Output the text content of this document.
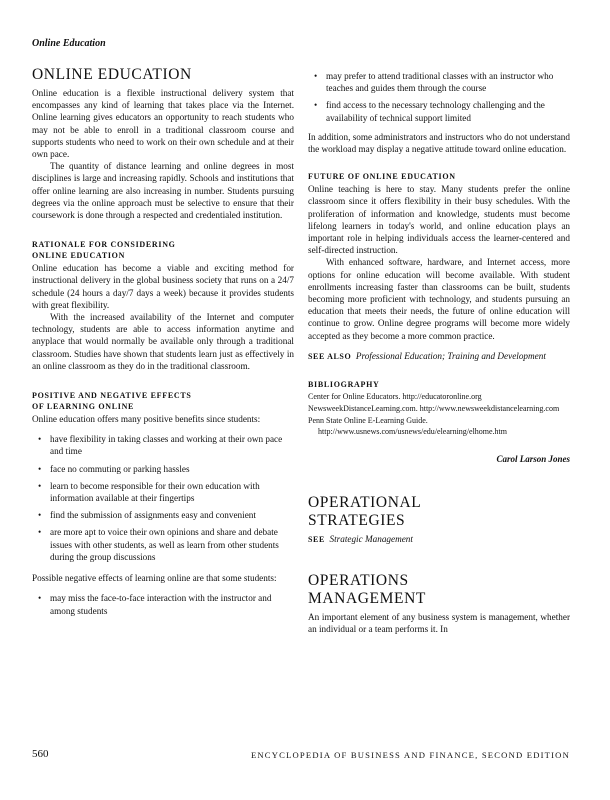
Online Education
ONLINE EDUCATION

Online education is a flexible instructional delivery system that encompasses any kind of learning that takes place via the Internet. Online learning gives educators an opportunity to reach students who may not be able to enroll in a traditional classroom course and supports students who need to work on their own schedule and at their own pace.

The quantity of distance learning and online degrees in most disciplines is large and increasing rapidly. Schools and institutions that offer online learning are also increasing in number. Students pursuing degrees via the online approach must be selective to ensure that their coursework is done through a respected and credentialed institution.

RATIONALE FOR CONSIDERING
ONLINE EDUCATION

Online education has become a viable and exciting method for instructional delivery in the global business society that runs on a 24/7 schedule (24 hours a day/7 days a week) because it provides students with great flexibility.

With the increased availability of the Internet and computer technology, students are able to access information anytime and anyplace that would normally be available only through a traditional classroom. Studies have shown that students learn just as effectively in an online classroom as they do in the traditional classroom.

POSITIVE AND NEGATIVE EFFECTS
OF LEARNING ONLINE

Online education offers many positive benefits since students:

• have flexibility in taking classes and working at their own pace and time
• face no commuting or parking hassles
• learn to become responsible for their own education with information available at their fingertips
• find the submission of assignments easy and convenient
• are more apt to voice their own opinions and share and debate issues with other students, as well as learn from other students during the group discussions

Possible negative effects of learning online are that some students:

• may miss the face-to-face interaction with the instructor and among students
• may prefer to attend traditional classes with an instructor who teaches and guides them through the course
• find access to the necessary technology challenging and the availability of technical support limited

In addition, some administrators and instructors who do not understand the workload may display a negative attitude toward online education.

FUTURE OF ONLINE EDUCATION

Online teaching is here to stay. Many students prefer the online classroom since it offers flexibility in their busy schedules. With the proliferation of information and knowledge, students must become lifelong learners in today's world, and online education plays an important role in helping individuals access the learner-centered and self-directed instruction.

With enhanced software, hardware, and Internet access, more options for online education will become available. With student enrollments increasing faster than classrooms can be built, students becoming more proficient with technology, and students pursuing an education that meets their needs, the future of online education will continue to grow. Online degree programs will become more widely accepted as they become a more common practice.

SEE ALSO Professional Education; Training and Development

BIBLIOGRAPHY

Center for Online Educators. http://educatoronline.org

NewsweekDistanceLearning.com. http://www.newsweekdistancelearning.com

Penn State Online E-Learning Guide. http://www.usnews.com/usnews/edu/elearning/elhome.htm

Carol Larson Jones

OPERATIONAL
STRATEGIES

SEE Strategic Management

OPERATIONS
MANAGEMENT

An important element of any business system is management, whether an individual or a team performs it. In

560	ENCYCLOPEDIA OF BUSINESS AND FINANCE, SECOND EDITION
